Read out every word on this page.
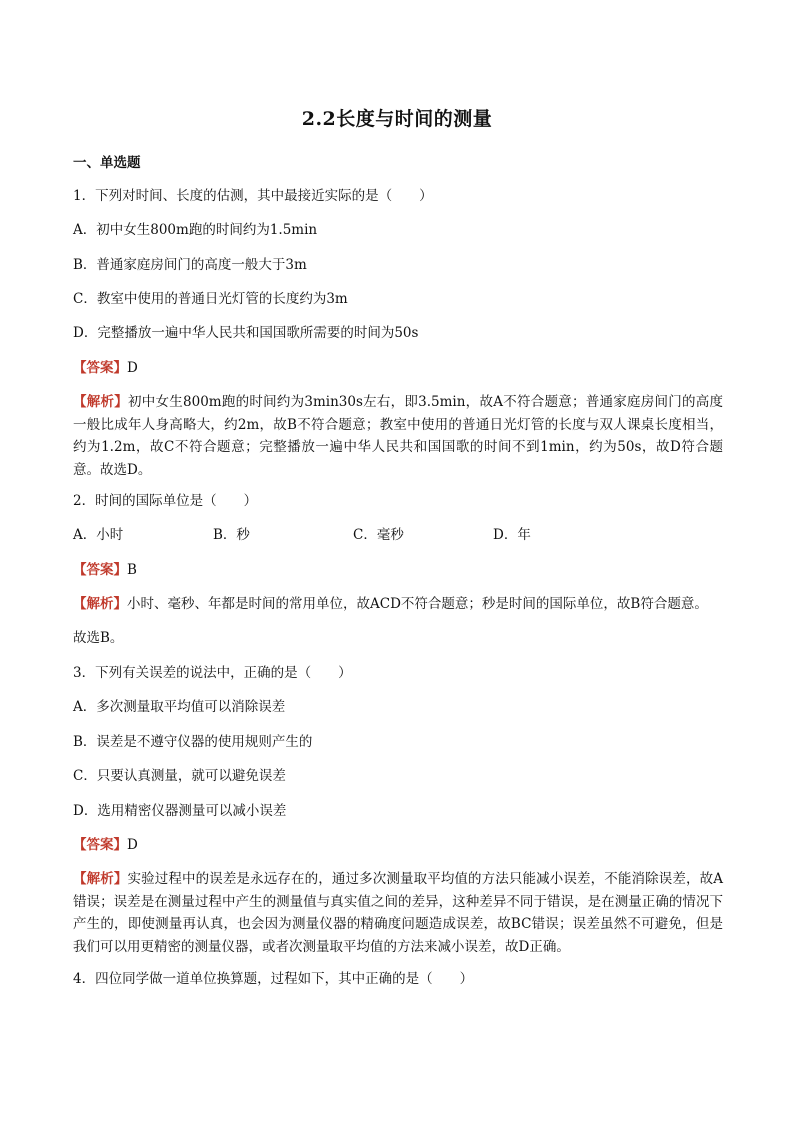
2.2长度与时间的测量
一、单选题
1．下列对时间、长度的估测，其中最接近实际的是（　　）
A．初中女生800m跑的时间约为1.5min
B．普通家庭房间门的高度一般大于3m
C．教室中使用的普通日光灯管的长度约为3m
D．完整播放一遍中华人民共和国国歌所需要的时间为50s
【答案】D
【解析】初中女生800m跑的时间约为3min30s左右，即3.5min，故A不符合题意；普通家庭房间门的高度一般比成年人身高略大，约2m，故B不符合题意；教室中使用的普通日光灯管的长度与双人课桌长度相当，约为1.2m，故C不符合题意；完整播放一遍中华人民共和国国歌的时间不到1min，约为50s，故D符合题意。故选D。
2．时间的国际单位是（　　）
A．小时	B．秒	C．毫秒	D．年
【答案】B
【解析】小时、毫秒、年都是时间的常用单位，故ACD不符合题意；秒是时间的国际单位，故B符合题意。
故选B。
3．下列有关误差的说法中，正确的是（　　）
A．多次测量取平均值可以消除误差
B．误差是不遵守仪器的使用规则产生的
C．只要认真测量，就可以避免误差
D．选用精密仪器测量可以减小误差
【答案】D
【解析】实验过程中的误差是永远存在的，通过多次测量取平均值的方法只能减小误差，不能消除误差，故A错误；误差是在测量过程中产生的测量值与真实值之间的差异，这种差异不同于错误，是在测量正确的情况下产生的，即使测量再认真，也会因为测量仪器的精确度问题造成误差，故BC错误；误差虽然不可避免，但是我们可以用更精密的测量仪器，或者次测量取平均值的方法来减小误差，故D正确。
4．四位同学做一道单位换算题，过程如下，其中正确的是（　　）
